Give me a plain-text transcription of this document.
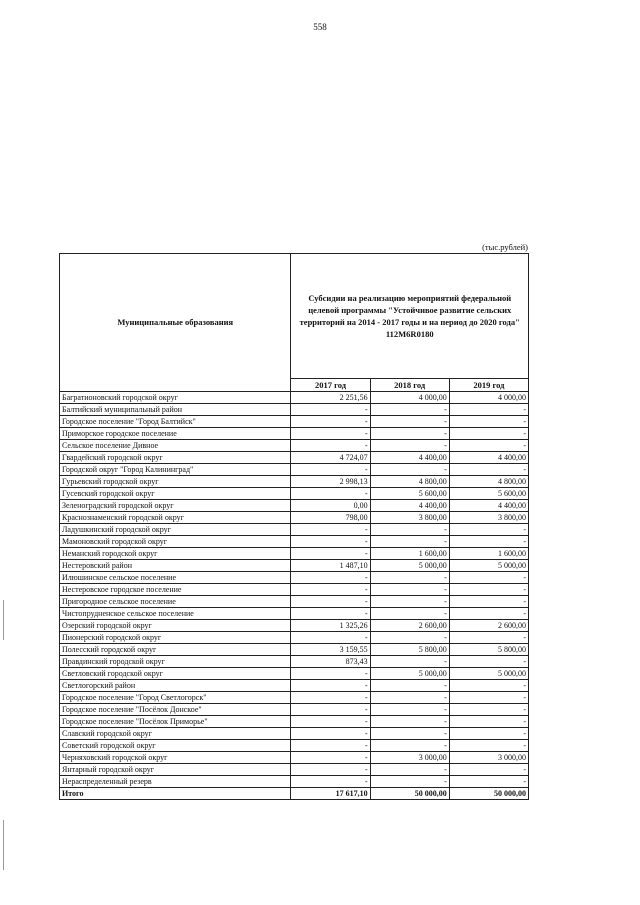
558
(тыс.рублей)
Муниципальные образования	Субсидии на реализацию мероприятий федеральной целевой программы "Устойчивое развитие сельских территорий на 2014 - 2017 годы и на период до 2020 года" 112M6R0180		
	2017 год	2018 год	2019 год
Багратионовский городской округ	2 251,56	4 000,00	4 000,00
Балтийский муниципальный район	-	-	-
Городское поселение "Город Балтийск"	-	-	-
Приморское городское поселение	-	-	-
Сельское поселение Дивное	-	-	-
Гвардейский городской округ	4 724,07	4 400,00	4 400,00
Городской округ "Город Калининград"	-	-	-
Гурьевский городской округ	2 998,13	4 800,00	4 800,00
Гусевский городской округ	-	5 600,00	5 600,00
Зеленоградский городской округ	0,00	4 400,00	4 400,00
Краснознаменский городской округ	798,00	3 800,00	3 800,00
Ладушкинский городской округ	-	-	-
Мамоновский городской округ	-	-	-
Неманский городской округ	-	1 600,00	1 600,00
Нестеровский район	1 487,10	5 000,00	5 000,00
Илюшинское сельское поселение	-	-	-
Нестеровское городское поселение	-	-	-
Пригородное сельское поселение	-	-	-
Чистопрудненское сельское поселение	-	-	-
Озерский городской округ	1 325,26	2 600,00	2 600,00
Пионерский городской округ	-	-	-
Полесский городской округ	3 159,55	5 800,00	5 800,00
Правдинский городской округ	873,43	-	-
Светловский городской округ	-	5 000,00	5 000,00
Светлогорский район	-	-	-
Городское поселение "Город Светлогорск"	-	-	-
Городское поселение "Посёлок Донское"	-	-	-
Городское поселение "Посёлок Приморье"	-	-	-
Славский городской округ	-	-	-
Советский городской округ	-	-	-
Черняховский городской округ	-	3 000,00	3 000,00
Янтарный городской округ	-	-	-
Нераспределенный резерв	-	-	-
Итого	17 617,10	50 000,00	50 000,00
